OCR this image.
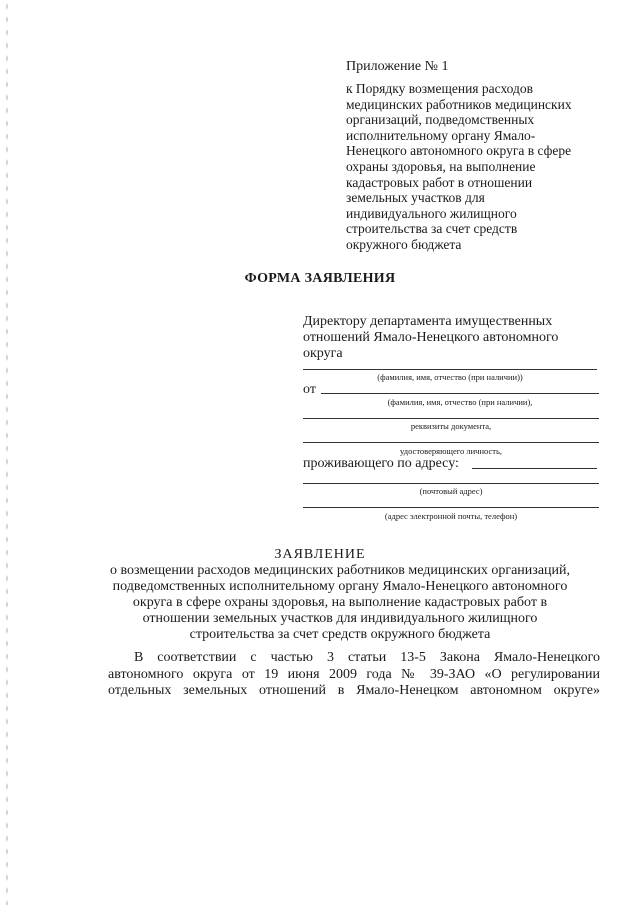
Приложение № 1
к Порядку возмещения расходов
медицинских работников медицинских
организаций, подведомственных
исполнительному органу Ямало-
Ненецкого автономного округа в сфере
охраны здоровья, на выполнение
кадастровых работ в отношении
земельных участков для
индивидуального жилищного
строительства за счет средств
окружного бюджета
ФОРМА ЗАЯВЛЕНИЯ
Директору департамента имущественных
отношений Ямало-Ненецкого автономного
округа
(фамилия, имя, отчество (при наличии))
от
(фамилия, имя, отчество (при наличии),
реквизиты документа,
удостоверяющего личность,
проживающего по адресу:
(почтовый адрес)
(адрес электронной почты, телефон)
ЗАЯВЛЕНИЕ
о возмещении расходов медицинских работников медицинских организаций,
подведомственных исполнительному органу Ямало-Ненецкого автономного
округа в сфере охраны здоровья, на выполнение кадастровых работ в
отношении земельных участков для индивидуального жилищного
строительства за счет средств окружного бюджета
В соответствии с частью 3 статьи 13-5 Закона Ямало-Ненецкого
автономного округа от 19 июня 2009 года № 39-ЗАО «О регулировании
отдельных земельных отношений в Ямало-Ненецком автономном округе»
